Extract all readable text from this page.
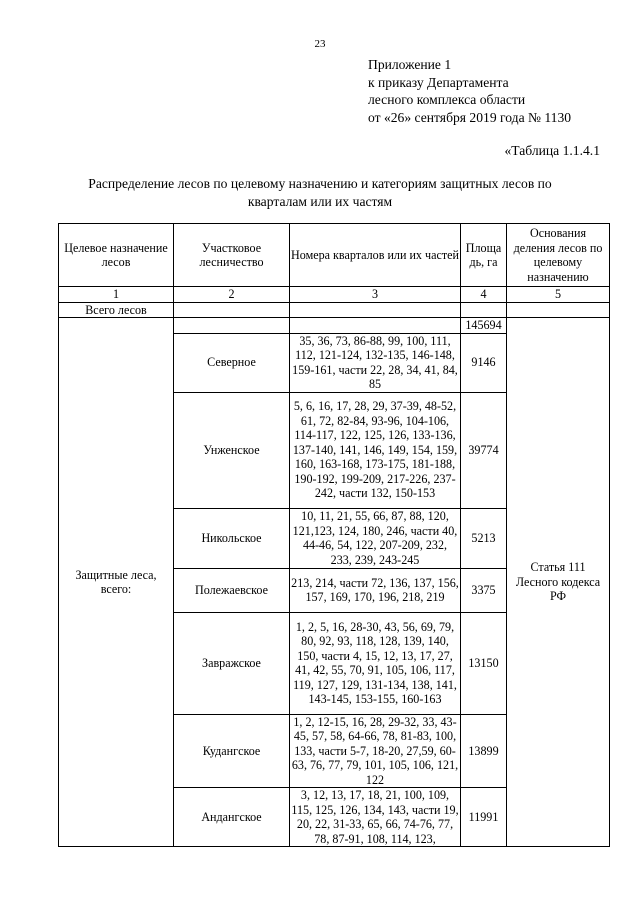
23
Приложение 1
к приказу Департамента
лесного комплекса области
от «26» сентября 2019 года № 1130
«Таблица 1.1.4.1
Распределение лесов по целевому назначению и категориям защитных лесов по кварталам или их частям
Целевое назначение лесов	Участковое лесничество	Номера кварталов или их частей	Площа дь, га	Основания деления лесов по целевому назначению
1	2	3	4	5
Всего лесов				
Защитные леса, всего:			145694	Статья 111 Лесного кодекса РФ
	Северное	35, 36, 73, 86-88, 99, 100, 111, 112, 121-124, 132-135, 146-148, 159-161, части 22, 28, 34, 41, 84, 85	9146	
	Унженское	5, 6, 16, 17, 28, 29, 37-39, 48-52, 61, 72, 82-84, 93-96, 104-106, 114-117, 122, 125, 126, 133-136, 137-140, 141, 146, 149, 154, 159, 160, 163-168, 173-175, 181-188, 190-192, 199-209, 217-226, 237-242, части 132, 150-153	39774	
	Никольское	10, 11, 21, 55, 66, 87, 88, 120, 121,123, 124, 180, 246, части 40, 44-46, 54, 122, 207-209, 232, 233, 239, 243-245	5213	
	Полежаевское	213, 214, части 72, 136, 137, 156, 157, 169, 170, 196, 218, 219	3375	
	Завражское	1, 2, 5, 16, 28-30, 43, 56, 69, 79, 80, 92, 93, 118, 128, 139, 140, 150, части 4, 15, 12, 13, 17, 27, 41, 42, 55, 70, 91, 105, 106, 117, 119, 127, 129, 131-134, 138, 141, 143-145, 153-155, 160-163	13150	
	Кудангское	1, 2, 12-15, 16, 28, 29-32, 33, 43-45, 57, 58, 64-66, 78, 81-83, 100, 133, части 5-7, 18-20, 27,59, 60-63, 76, 77, 79, 101, 105, 106, 121, 122	13899	
	Андангское	3, 12, 13, 17, 18, 21, 100, 109, 115, 125, 126, 134, 143, части 19, 20, 22, 31-33, 65, 66, 74-76, 77, 78, 87-91, 108, 114, 123,	11991	
